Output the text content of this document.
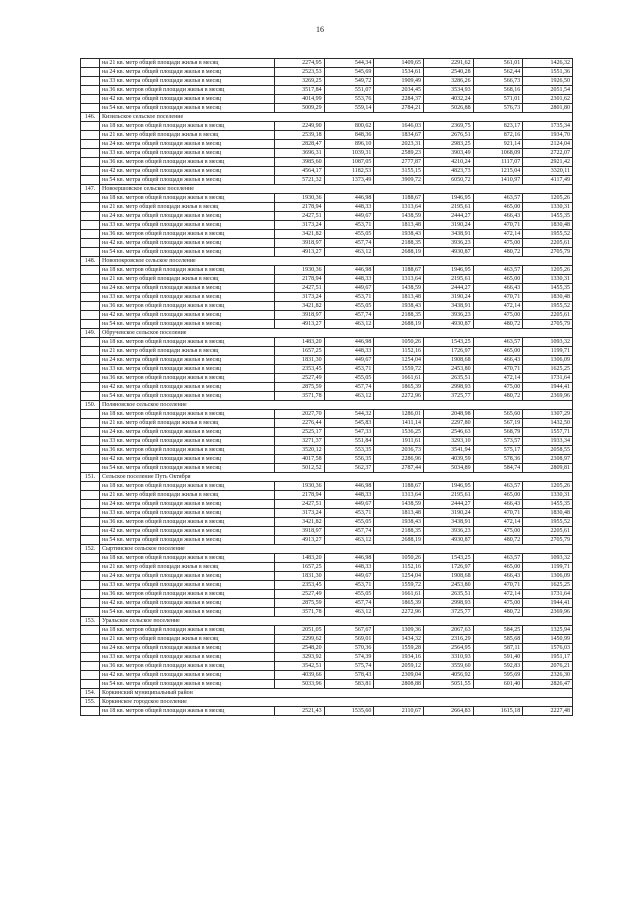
16
	на 21 кв. метр общей площади жилья в месяц	2274,95	544,34	1409,65	2291,62	561,01	1426,32
	на 24 кв. метра общей площади жилья в месяц	2523,53	545,69	1534,61	2540,28	562,44	1551,36
	на 33 кв. метра общей площади жилья в месяц	3269,25	549,72	1909,49	3286,26	566,73	1926,50
	на 36 кв. метров общей площади жилья в месяц	3517,84	551,07	2034,45	3534,93	568,16	2051,54
	на 42 кв. метра общей площади жилья в месяц	4014,99	553,76	2284,37	4032,24	571,01	2301,62
	на 54 кв. метра общей площади жилья в месяц	5009,29	559,14	2784,21	5026,88	576,73	2801,80
146.	Кизильское сельское поселение						
	на 18 кв. метров общей площади жилья в месяц	2249,90	800,62	1646,03	2369,75	823,17	1735,34
	на 21 кв. метр общей площади жилья в месяц	2539,18	848,36	1834,67	2676,51	872,16	1934,70
	на 24 кв. метра общей площади жилья в месяц	2828,47	896,10	2023,31	2983,25	921,14	2124,04
	на 33 кв. метра общей площади жилья в месяц	3696,31	1039,31	2589,23	3903,49	1068,09	2722,07
	на 36 кв. метров общей площади жилья в месяц	3985,60	1087,05	2777,87	4210,24	1117,07	2921,42
	на 42 кв. метра общей площади жилья в месяц	4564,17	1182,53	3155,15	4823,73	1215,04	3320,11
	на 54 кв. метра общей площади жилья в месяц	5721,32	1373,49	3909,72	6050,72	1410,97	4117,49
147.	Новоершовское сельское поселение						
	на 18 кв. метров общей площади жилья в месяц	1930,36	446,98	1188,67	1946,95	463,57	1205,26
	на 21 кв. метр общей площади жилья в месяц	2178,94	448,33	1313,64	2195,61	465,00	1330,31
	на 24 кв. метра общей площади жилья в месяц	2427,51	449,67	1438,59	2444,27	466,43	1455,35
	на 33 кв. метра общей площади жилья в месяц	3173,24	453,71	1813,48	3190,24	470,71	1830,48
	на 36 кв. метров общей площади жилья в месяц	3421,82	455,05	1938,43	3438,91	472,14	1955,52
	на 42 кв. метра общей площади жилья в месяц	3918,97	457,74	2188,35	3936,23	475,00	2205,61
	на 54 кв. метра общей площади жилья в месяц	4913,27	463,12	2688,19	4930,87	480,72	2705,79
148.	Новопокровское сельское поселение						
	на 18 кв. метров общей площади жилья в месяц	1930,36	446,98	1188,67	1946,95	463,57	1205,26
	на 21 кв. метр общей площади жилья в месяц	2178,94	448,33	1313,64	2195,61	465,00	1330,31
	на 24 кв. метра общей площади жилья в месяц	2427,51	449,67	1438,59	2444,27	466,43	1455,35
	на 33 кв. метра общей площади жилья в месяц	3173,24	453,71	1813,48	3190,24	470,71	1830,48
	на 36 кв. метров общей площади жилья в месяц	3421,82	455,05	1938,43	3438,91	472,14	1955,52
	на 42 кв. метра общей площади жилья в месяц	3918,97	457,74	2188,35	3936,23	475,00	2205,61
	на 54 кв. метра общей площади жилья в месяц	4913,27	463,12	2688,19	4930,87	480,72	2705,79
149.	Обручевское сельское поселение						
	на 18 кв. метров общей площади жилья в месяц	1483,20	446,98	1050,26	1543,25	463,57	1093,32
	на 21 кв. метр общей площади жилья в месяц	1657,25	448,33	1152,16	1726,97	465,00	1199,71
	на 24 кв. метра общей площади жилья в месяц	1831,30	449,67	1254,04	1908,68	466,43	1306,09
	на 33 кв. метра общей площади жилья в месяц	2353,45	453,71	1559,72	2453,80	470,71	1625,25
	на 36 кв. метров общей площади жилья в месяц	2527,49	455,05	1661,61	2635,51	472,14	1731,64
	на 42 кв. метра общей площади жилья в месяц	2875,59	457,74	1865,39	2998,93	475,00	1944,41
	на 54 кв. метра общей площади жилья в месяц	3571,78	463,12	2272,96	3725,77	480,72	2369,96
150.	Поляновское сельское поселение						
	на 18 кв. метров общей площади жилья в месяц	2027,70	544,32	1286,01	2048,98	565,60	1307,29
	на 21 кв. метр общей площади жилья в месяц	2276,44	545,83	1411,14	2297,80	567,19	1432,50
	на 24 кв. метра общей площади жилья в месяц	2525,17	547,33	1536,25	2546,63	568,79	1557,71
	на 33 кв. метра общей площади жилья в месяц	3271,37	551,84	1911,61	3293,10	573,57	1933,34
	на 36 кв. метров общей площади жилья в месяц	3520,12	553,35	2036,73	3541,94	575,17	2058,55
	на 42 кв. метра общей площади жилья в месяц	4017,58	556,35	2286,96	4039,59	578,36	2308,97
	на 54 кв. метра общей площади жилья в месяц	5012,52	562,37	2787,44	5034,89	584,74	2809,81
151.	Сельское поселение Путь Октября						
	на 18 кв. метров общей площади жилья в месяц	1930,36	446,98	1188,67	1946,95	463,57	1205,26
	на 21 кв. метр общей площади жилья в месяц	2178,94	448,33	1313,64	2195,61	465,00	1330,31
	на 24 кв. метра общей площади жилья в месяц	2427,51	449,67	1438,59	2444,27	466,43	1455,35
	на 33 кв. метра общей площади жилья в месяц	3173,24	453,71	1813,48	3190,24	470,71	1830,48
	на 36 кв. метров общей площади жилья в месяц	3421,82	455,05	1938,43	3438,91	472,14	1955,52
	на 42 кв. метра общей площади жилья в месяц	3918,97	457,74	2188,35	3936,23	475,00	2205,61
	на 54 кв. метра общей площади жилья в месяц	4913,27	463,12	2688,19	4930,87	480,72	2705,79
152.	Сыртинское сельское поселение						
	на 18 кв. метров общей площади жилья в месяц	1483,20	446,98	1050,26	1543,25	463,57	1093,32
	на 21 кв. метр общей площади жилья в месяц	1657,25	448,33	1152,16	1726,97	465,00	1199,71
	на 24 кв. метра общей площади жилья в месяц	1831,30	449,67	1254,04	1908,68	466,43	1306,09
	на 33 кв. метра общей площади жилья в месяц	2353,45	453,71	1559,72	2453,80	470,71	1625,25
	на 36 кв. метров общей площади жилья в месяц	2527,49	455,05	1661,61	2635,51	472,14	1731,64
	на 42 кв. метра общей площади жилья в месяц	2875,59	457,74	1865,39	2998,93	475,00	1944,41
	на 54 кв. метра общей площади жилья в месяц	3571,78	463,12	2272,96	3725,77	480,72	2369,96
153.	Уральское сельское поселение						
	на 18 кв. метров общей площади жилья в месяц	2051,05	567,67	1309,36	2067,63	584,25	1325,94
	на 21 кв. метр общей площади жилья в месяц	2299,62	569,01	1434,32	2316,29	585,68	1450,99
	на 24 кв. метра общей площади жилья в месяц	2548,20	570,36	1559,28	2564,95	587,11	1576,03
	на 33 кв. метра общей площади жилья в месяц	3293,92	574,39	1934,16	3310,93	591,40	1951,17
	на 36 кв. метров общей площади жилья в месяц	3542,51	575,74	2059,12	3559,60	592,83	2076,21
	на 42 кв. метра общей площади жилья в месяц	4039,66	578,43	2309,04	4056,92	595,69	2326,30
	на 54 кв. метра общей площади жилья в месяц	5033,96	583,81	2808,88	5051,55	601,40	2826,47
154.	Коркинский муниципальный район						
155.	Коркинское городское поселение						
	на 18 кв. метров общей площади жилья в месяц	2521,43	1535,60	2110,67	2664,83	1615,18	2227,48
